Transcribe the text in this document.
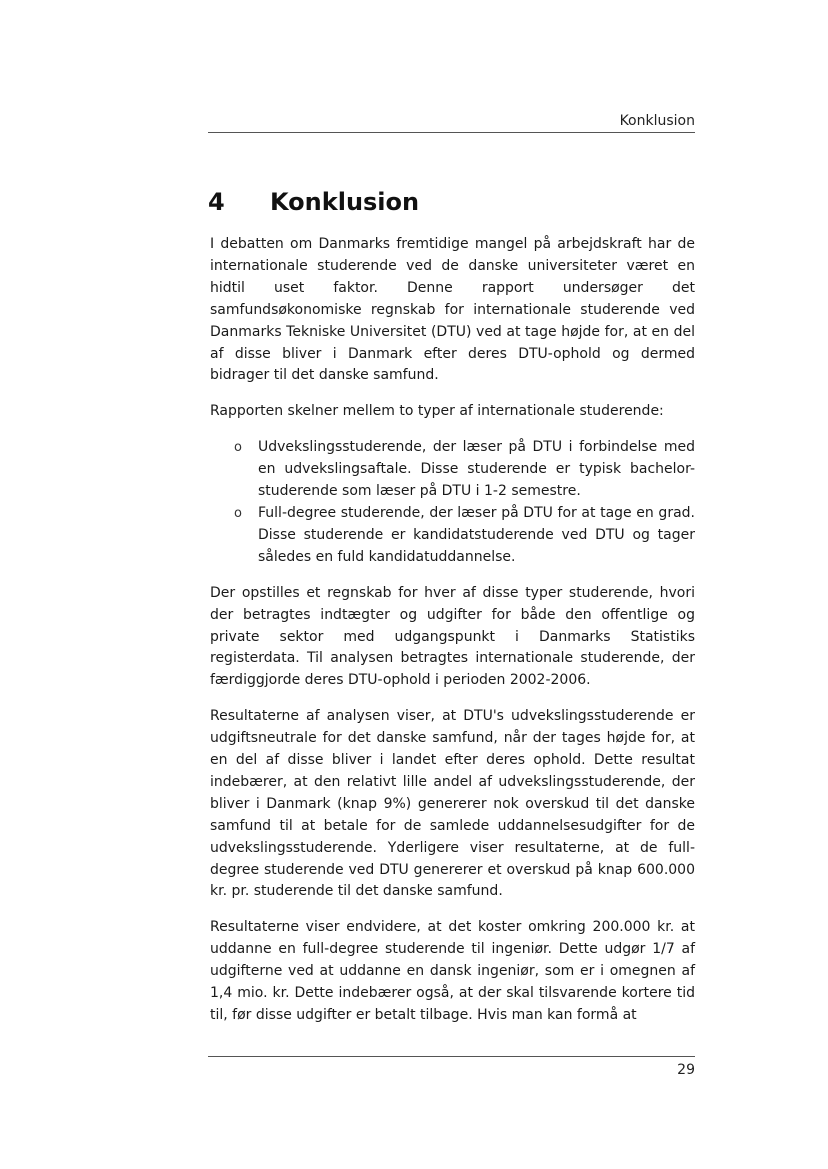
Konklusion
4 Konklusion

I debatten om Danmarks fremtidige mangel på arbejdskraft har de internationale studerende ved de danske universiteter været en hidtil uset faktor. Denne rapport undersøger det samfundsøkonomiske regnskab for internationale studerende ved Danmarks Tekniske Universitet (DTU) ved at tage højde for, at en del af disse bliver i Danmark efter deres DTU-ophold og dermed bidrager til det danske samfund.

Rapporten skelner mellem to typer af internationale studerende:

o Udvekslingsstuderende, der læser på DTU i forbindelse med en udvekslingsaftale. Disse studerende er typisk bachelor-studerende som læser på DTU i 1-2 semestre.
o Full-degree studerende, der læser på DTU for at tage en grad. Disse studerende er kandidatstuderende ved DTU og tager således en fuld kandidatuddannelse.

Der opstilles et regnskab for hver af disse typer studerende, hvori der betragtes indtægter og udgifter for både den offentlige og private sektor med udgangspunkt i Danmarks Statistiks registerdata. Til analysen betragtes internationale studerende, der færdiggjorde deres DTU-ophold i perioden 2002-2006.

Resultaterne af analysen viser, at DTU's udvekslingsstuderende er udgiftsneutrale for det danske samfund, når der tages højde for, at en del af disse bliver i landet efter deres ophold. Dette resultat indebærer, at den relativt lille andel af udvekslingsstuderende, der bliver i Danmark (knap 9%) genererer nok overskud til det danske samfund til at betale for de samlede uddannelsesudgifter for de udvekslingsstuderende. Yderligere viser resultaterne, at de full-degree studerende ved DTU genererer et overskud på knap 600.000 kr. pr. studerende til det danske samfund.

Resultaterne viser endvidere, at det koster omkring 200.000 kr. at uddanne en full-degree studerende til ingeniør. Dette udgør 1/7 af udgifterne ved at uddanne en dansk ingeniør, som er i omegnen af 1,4 mio. kr. Dette indebærer også, at der skal tilsvarende kortere tid til, før disse udgifter er betalt tilbage. Hvis man kan formå at

29
